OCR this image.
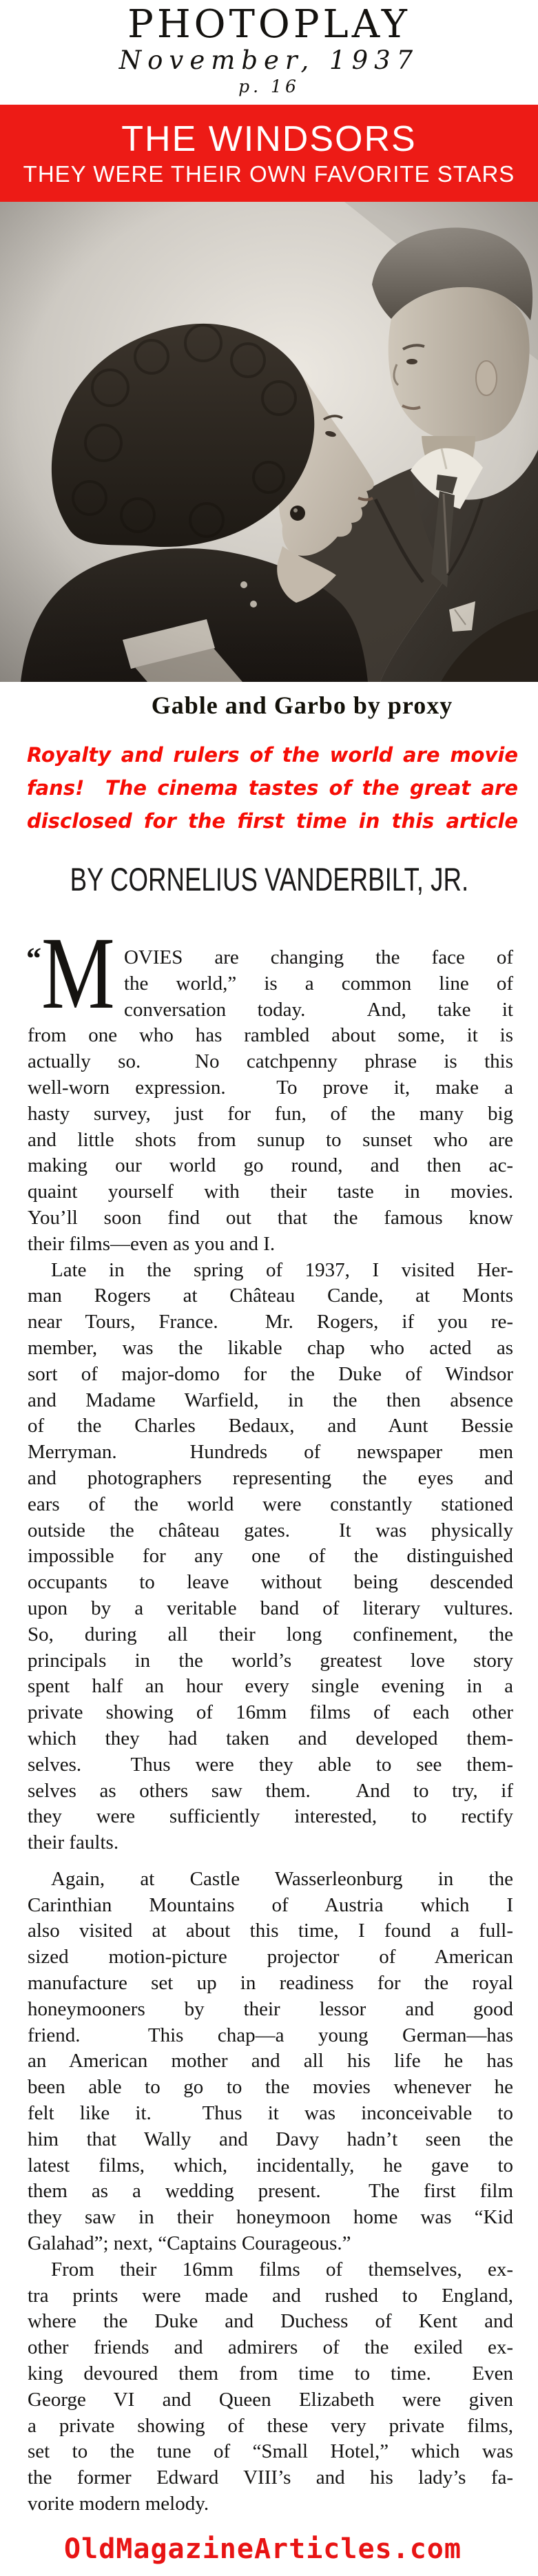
PHOTOPLAY
November, 1937
p. 16
THE WINDSORS
THEY WERE THEIR OWN FAVORITE STARS
Gable and Garbo by proxy
Royalty and rulers of the world are movie
fans!  The cinema tastes of the great are
disclosed for the first time in this article
BY CORNELIUS VANDERBILT, JR.
“M OVIES are changing the face of
the world,” is a common line of
conversation today.  And, take it
from one who has rambled about some, it is
actually so.  No catchpenny phrase is this
well-worn expression.  To prove it, make a
hasty survey, just for fun, of the many big
and little shots from sunup to sunset who are
making our world go round, and then ac-
quaint yourself with their taste in movies.
You’ll soon find out that the famous know
their films—even as you and I.
Late in the spring of 1937, I visited Her-
man Rogers at Château Cande, at Monts
near Tours, France.  Mr. Rogers, if you re-
member, was the likable chap who acted as
sort of major-domo for the Duke of Windsor
and Madame Warfield, in the then absence
of the Charles Bedaux, and Aunt Bessie
Merryman.  Hundreds of newspaper men
and photographers representing the eyes and
ears of the world were constantly stationed
outside the château gates.  It was physically
impossible for any one of the distinguished
occupants to leave without being descended
upon by a veritable band of literary vultures.
So, during all their long confinement, the
principals in the world’s greatest love story
spent half an hour every single evening in a
private showing of 16mm films of each other
which they had taken and developed them-
selves.  Thus were they able to see them-
selves as others saw them.  And to try, if
they were sufficiently interested, to rectify
their faults.
Again, at Castle Wasserleonburg in the
Carinthian Mountains of Austria which I
also visited at about this time, I found a full-
sized motion-picture projector of American
manufacture set up in readiness for the royal
honeymooners by their lessor and good
friend.  This chap—a young German—has
an American mother and all his life he has
been able to go to the movies whenever he
felt like it.  Thus it was inconceivable to
him that Wally and Davy hadn’t seen the
latest films, which, incidentally, he gave to
them as a wedding present.  The first film
they saw in their honeymoon home was “Kid
Galahad”; next, “Captains Courageous.”
From their 16mm films of themselves, ex-
tra prints were made and rushed to England,
where the Duke and Duchess of Kent and
other friends and admirers of the exiled ex-
king devoured them from time to time.  Even
George VI and Queen Elizabeth were given
a private showing of these very private films,
set to the tune of “Small Hotel,” which was
the former Edward VIII’s and his lady’s fa-
vorite modern melody.
OldMagazineArticles.com
